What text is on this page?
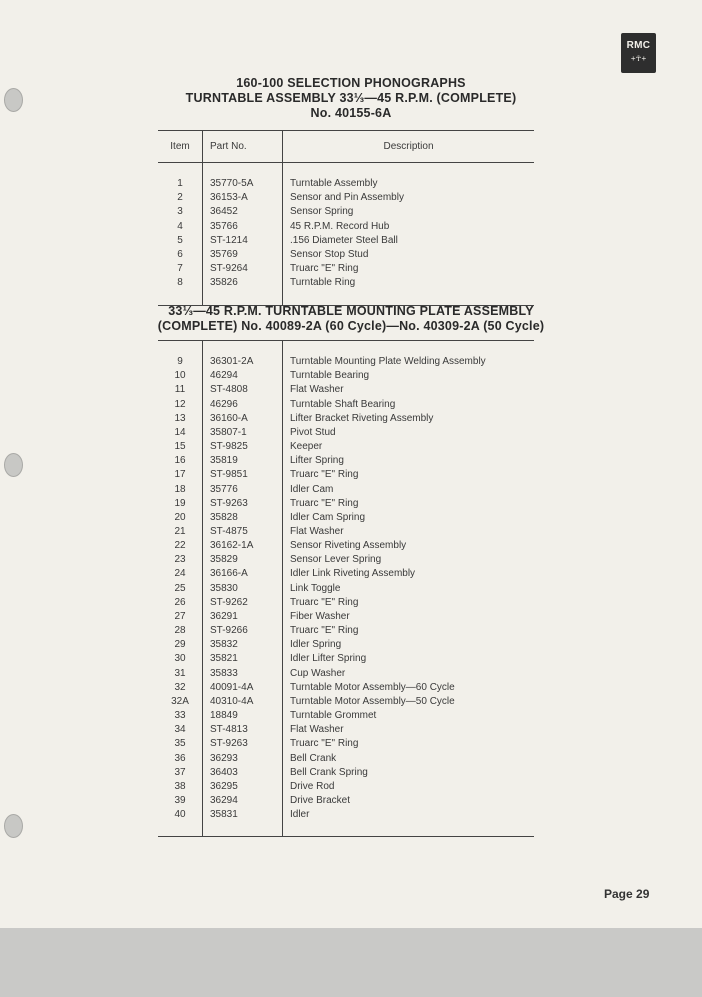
RMC
+☥+
160-100 SELECTION PHONOGRAPHS
TURNTABLE ASSEMBLY 33⅓—45 R.P.M. (COMPLETE)
No. 40155-6A
Item	Part No.	Description

1	35770-5A	Turntable Assembly
2	36153-A	Sensor and Pin Assembly
3	36452	Sensor Spring
4	35766	45 R.P.M. Record Hub
5	ST-1214	.156 Diameter Steel Ball
6	35769	Sensor Stop Stud
7	ST-9264	Truarc "E" Ring
8	35826	Turntable Ring

33⅓—45 R.P.M. TURNTABLE MOUNTING PLATE ASSEMBLY
(COMPLETE) No. 40089-2A (60 Cycle)—No. 40309-2A (50 Cycle)

9	36301-2A	Turntable Mounting Plate Welding Assembly
10	46294	Turntable Bearing
11	ST-4808	Flat Washer
12	46296	Turntable Shaft Bearing
13	36160-A	Lifter Bracket Riveting Assembly
14	35807-1	Pivot Stud
15	ST-9825	Keeper
16	35819	Lifter Spring
17	ST-9851	Truarc "E" Ring
18	35776	Idler Cam
19	ST-9263	Truarc "E" Ring
20	35828	Idler Cam Spring
21	ST-4875	Flat Washer
22	36162-1A	Sensor Riveting Assembly
23	35829	Sensor Lever Spring
24	36166-A	Idler Link Riveting Assembly
25	35830	Link Toggle
26	ST-9262	Truarc "E" Ring
27	36291	Fiber Washer
28	ST-9266	Truarc "E" Ring
29	35832	Idler Spring
30	35821	Idler Lifter Spring
31	35833	Cup Washer
32	40091-4A	Turntable Motor Assembly—60 Cycle
32A	40310-4A	Turntable Motor Assembly—50 Cycle
33	18849	Turntable Grommet
34	ST-4813	Flat Washer
35	ST-9263	Truarc "E" Ring
36	36293	Bell Crank
37	36403	Bell Crank Spring
38	36295	Drive Rod
39	36294	Drive Bracket
40	35831	Idler

Page 29
